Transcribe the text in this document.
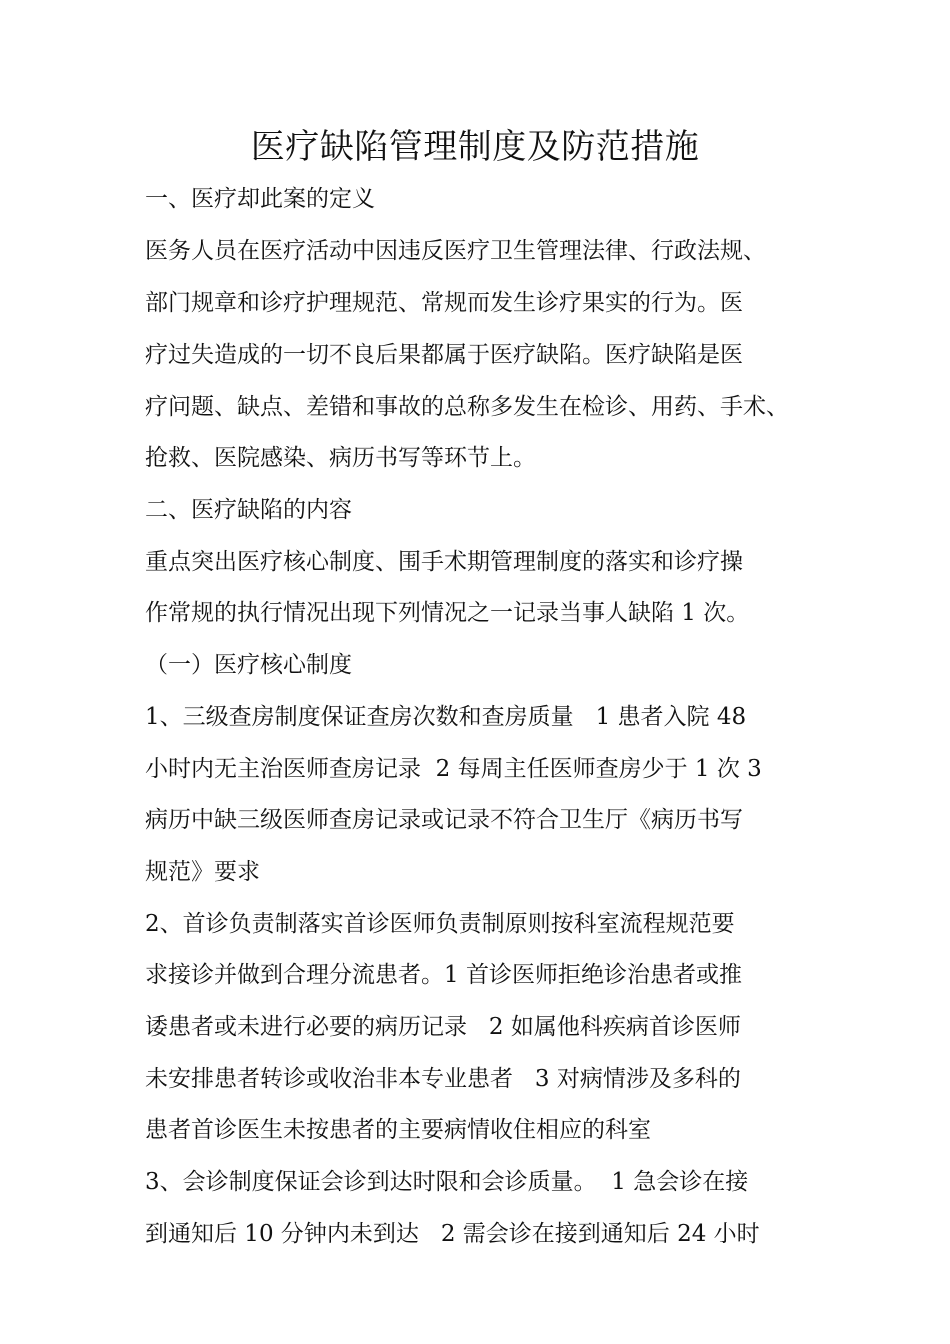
医疗缺陷管理制度及防范措施
一、医疗却此案的定义
医务人员在医疗活动中因违反医疗卫生管理法律、行政法规、
部门规章和诊疗护理规范、常规而发生诊疗果实的行为。医
疗过失造成的一切不良后果都属于医疗缺陷。医疗缺陷是医
疗问题、缺点、差错和事故的总称多发生在检诊、用药、手术、
抢救、医院感染、病历书写等环节上。
二、医疗缺陷的内容
重点突出医疗核心制度、围手术期管理制度的落实和诊疗操
作常规的执行情况出现下列情况之一记录当事人缺陷 1 次。
（一）医疗核心制度
1、三级查房制度保证查房次数和查房质量   1 患者入院 48
小时内无主治医师查房记录  2 每周主任医师查房少于 1 次 3
病历中缺三级医师查房记录或记录不符合卫生厅《病历书写
规范》要求
2、首诊负责制落实首诊医师负责制原则按科室流程规范要
求接诊并做到合理分流患者。1 首诊医师拒绝诊治患者或推
诿患者或未进行必要的病历记录   2 如属他科疾病首诊医师
未安排患者转诊或收治非本专业患者   3 对病情涉及多科的
患者首诊医生未按患者的主要病情收住相应的科室
3、会诊制度保证会诊到达时限和会诊质量。  1 急会诊在接
到通知后 10 分钟内未到达   2 需会诊在接到通知后 24 小时
